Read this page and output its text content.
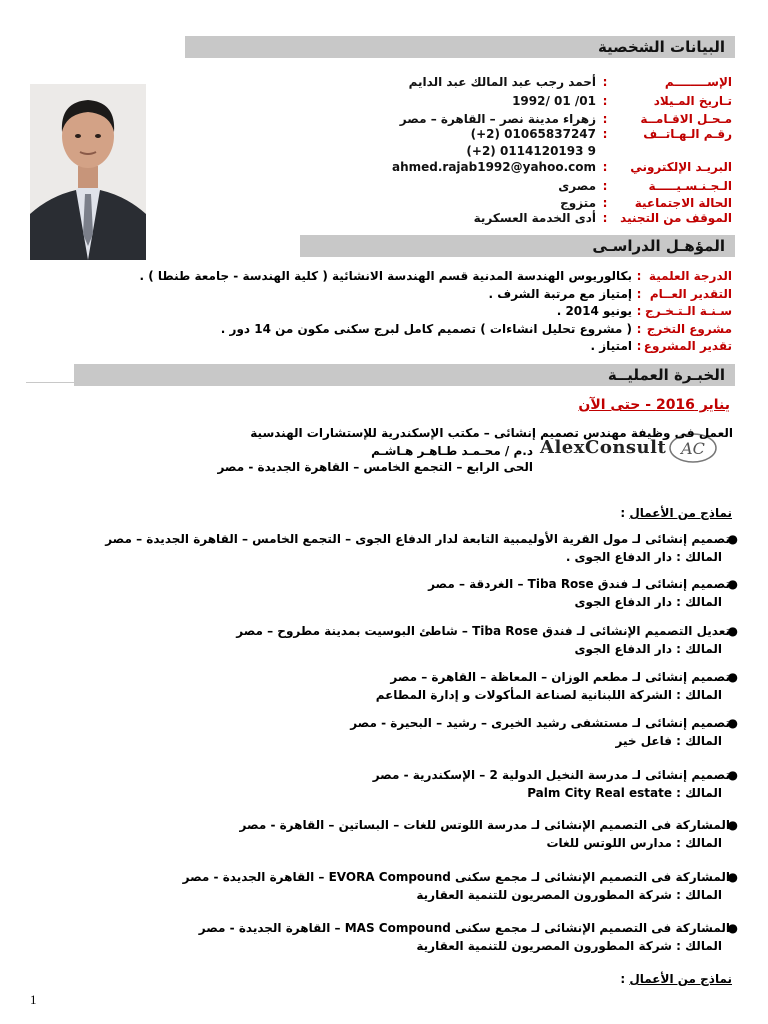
البيانات الشخصية
الإســــــــم:أحمد رجب عبد المالك عبد الدايم
تـاريخ المـيلاد:1992/ 01 /01
مـحـل الاقـامــة:زهراء مدينة نصر – القاهرة – مصر
رقـم الـهـاتــف:(+2) 01065837247
(+2) 0114120193 9
البريـد الإلكتروني:ahmed.rajab1992@yahoo.com
الـجـنـسـيـــــة:مصرى
الحالة الاجتماعية:متزوج
الموقف من التجنيد:أدى الخدمة العسكرية
المؤهـل الدراسـى
الدرجة العلمية:بكالوريوس الهندسة المدنية قسم الهندسة الانشائية ( كلية الهندسة - جامعة طنطا ) .
التقدير العــام:إمتياز مع مرتبة الشرف .
سـنـة الـتـخـرج:يونيو 2014 .
مشروع التخرج:( مشروع تحليل انشاءات ) تصميم كامل لبرج سكنى مكون من 14 دور .
تقدير المشروع:امتياز .
الخبـرة العمليــة
يناير 2016 - حتى الآن
AC
AlexConsult
العمل فى وظيفة مهندس تصميم إنشائى – مكتب الإسكندرية للإستشارات الهندسية
د.م / محـمـد طـاهـر هـاشـم
الحى الرابع – التجمع الخامس – القاهرة الجديدة - مصر
نماذج من الأعمال :
●تصميم إنشائى لـ مول القرية الأوليمبية التابعة لدار الدفاع الجوى – التجمع الخامس – القاهرة الجديدة – مصر
المالك : دار الدفاع الجوى .
●تصميم إنشائى لـ فندق Tiba Rose – الغردقة – مصر
المالك : دار الدفاع الجوى
●تعديل التصميم الإنشائى لـ فندق Tiba Rose – شاطئ البوسيت بمدينة مطروح – مصر
المالك : دار الدفاع الجوى
●تصميم إنشائى لـ مطعم الوزان – المعاظة – القاهرة – مصر
المالك : الشركة اللبنانية لصناعة المأكولات و إدارة المطاعم
●تصميم إنشائى لـ مستشفى رشيد الخيرى – رشيد – البحيرة - مصر
المالك : فاعل خير
●تصميم إنشائى لـ مدرسة النخيل الدولية 2 – الإسكندرية - مصر
المالك : Palm City Real estate
●المشاركة فى التصميم الإنشائى لـ مدرسة اللوتس للغات – البساتين – القاهرة - مصر
المالك : مدارس اللوتس للغات
●المشاركة فى التصميم الإنشائى لـ مجمع سكنى EVORA Compound – القاهرة الجديدة - مصر
المالك : شركة المطورون المصريون للتنمية العقارية
●المشاركة فى التصميم الإنشائى لـ مجمع سكنى MAS Compound – القاهرة الجديدة - مصر
المالك : شركة المطورون المصريون للتنمية العقارية
نماذج من الأعمال :
1
